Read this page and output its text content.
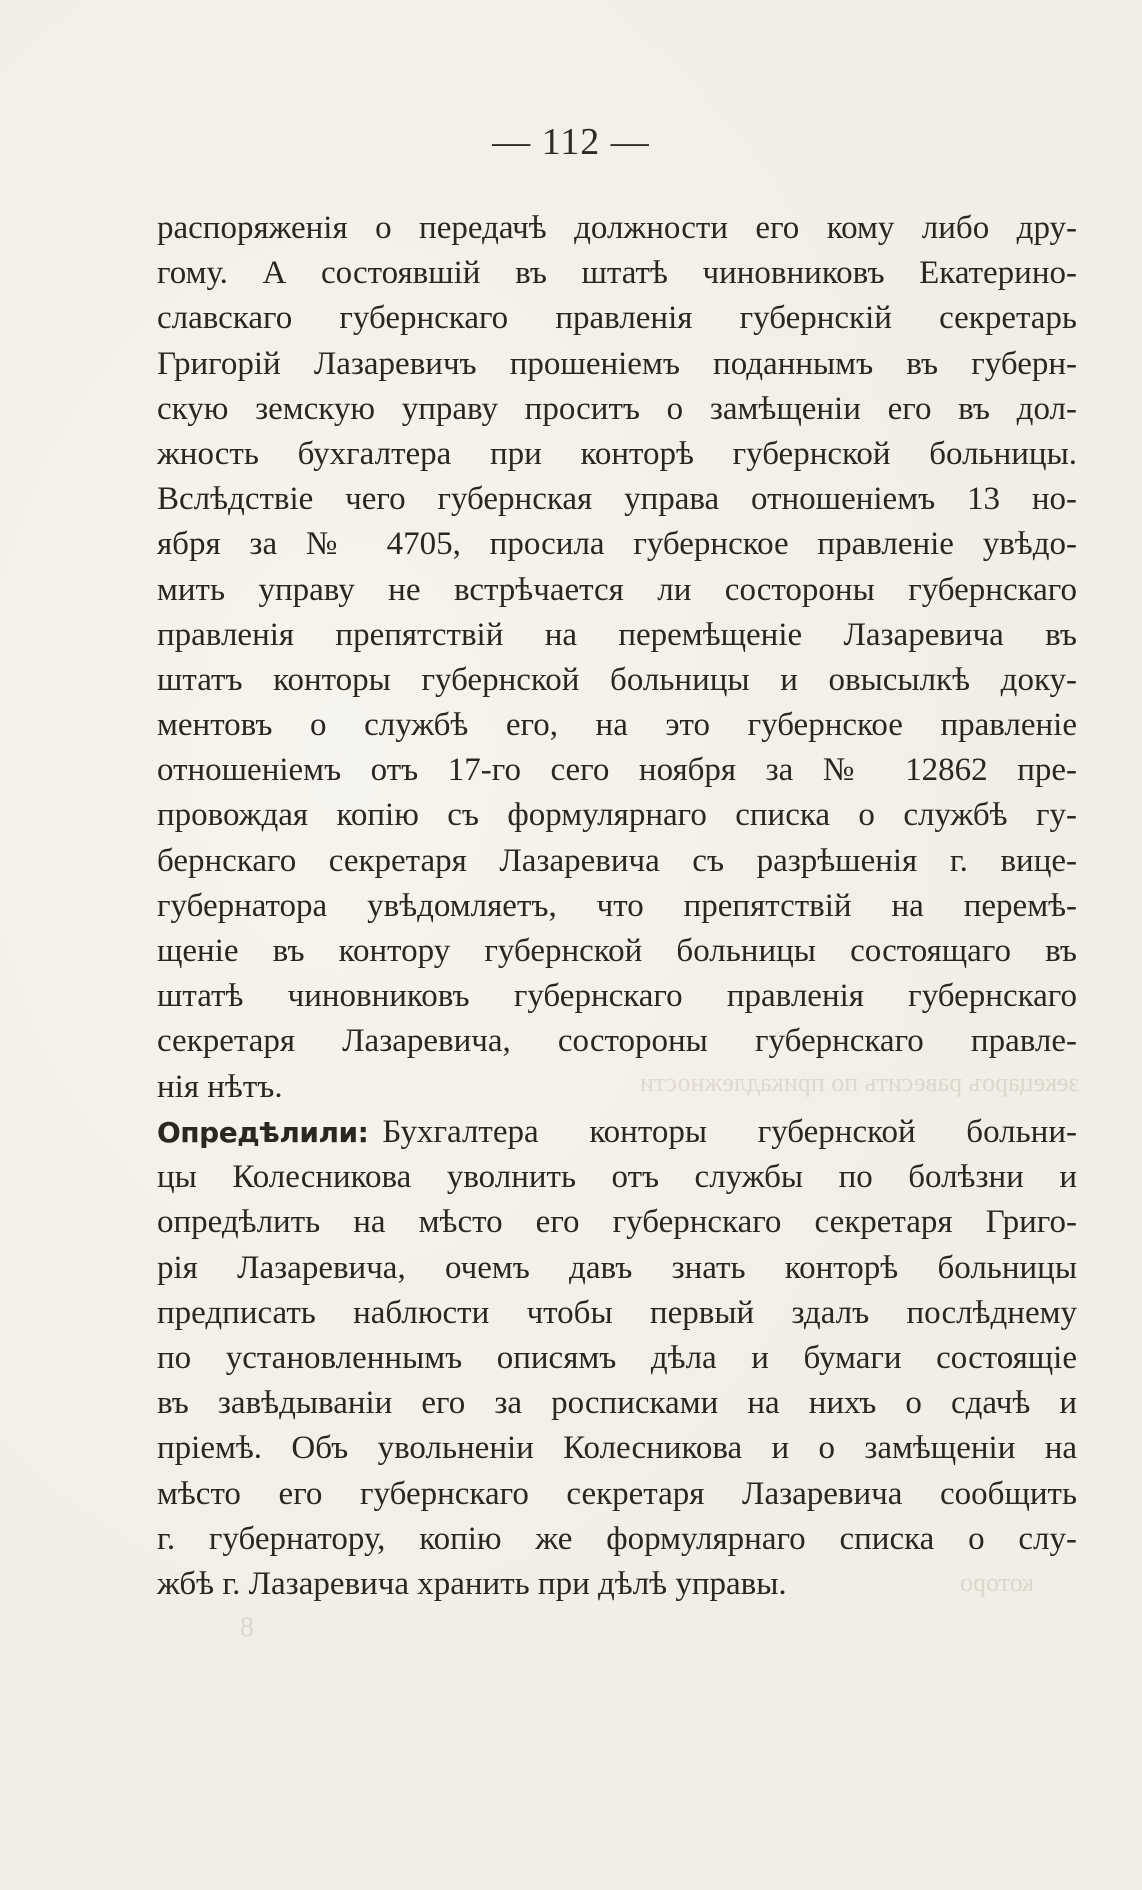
зекецароъ равесить по прикадлежности
которо
8
— 112 —
распоряженія о передачѣ должности его кому либо дру-
гому. А состоявшій въ штатѣ чиновниковъ Екатерино-
славскаго губернскаго правленія губернскій секретарь
Григорій Лазаревичъ прошеніемъ поданнымъ въ губерн-
скую земскую управу проситъ о замѣщеніи его въ дол-
жность бухгалтера при конторѣ губернской больницы.
Вслѣдствіе чего губернская управа отношеніемъ 13 но-
ября за № 4705, просила губернское правленіе увѣдо-
мить управу не встрѣчается ли состороны губернскаго
правленія препятствій на перемѣщеніе Лазаревича въ
штатъ конторы губернской больницы и овысылкѣ доку-
ментовъ о службѣ его, на это губернское правленіе
отношеніемъ отъ 17-го сего ноября за № 12862 пре-
провождая копію съ формулярнаго списка о службѣ гу-
бернскаго секретаря Лазаревича съ разрѣшенія г. вице-
губернатора увѣдомляетъ, что препятствій на перемѣ-
щеніе въ контору губернской больницы состоящаго въ
штатѣ чиновниковъ губернскаго правленія губернскаго
секретаря Лазаревича, состороны губернскаго правле-
нія нѣтъ.
Опредѣлили: Бухгалтера конторы губернской больни-
цы Колесникова уволнить отъ службы по болѣзни и
опредѣлить на мѣсто его губернскаго секретаря Григо-
рія Лазаревича, очемъ давъ знать конторѣ больницы
предписать наблюсти чтобы первый здалъ послѣднему
по установленнымъ описямъ дѣла и бумаги состоящіе
въ завѣдываніи его за росписками на нихъ о сдачѣ и
пріемѣ. Объ увольненіи Колесникова и о замѣщеніи на
мѣсто его губернскаго секретаря Лазаревича сообщить
г. губернатору, копію же формулярнаго списка о слу-
жбѣ г. Лазаревича хранить при дѣлѣ управы.
